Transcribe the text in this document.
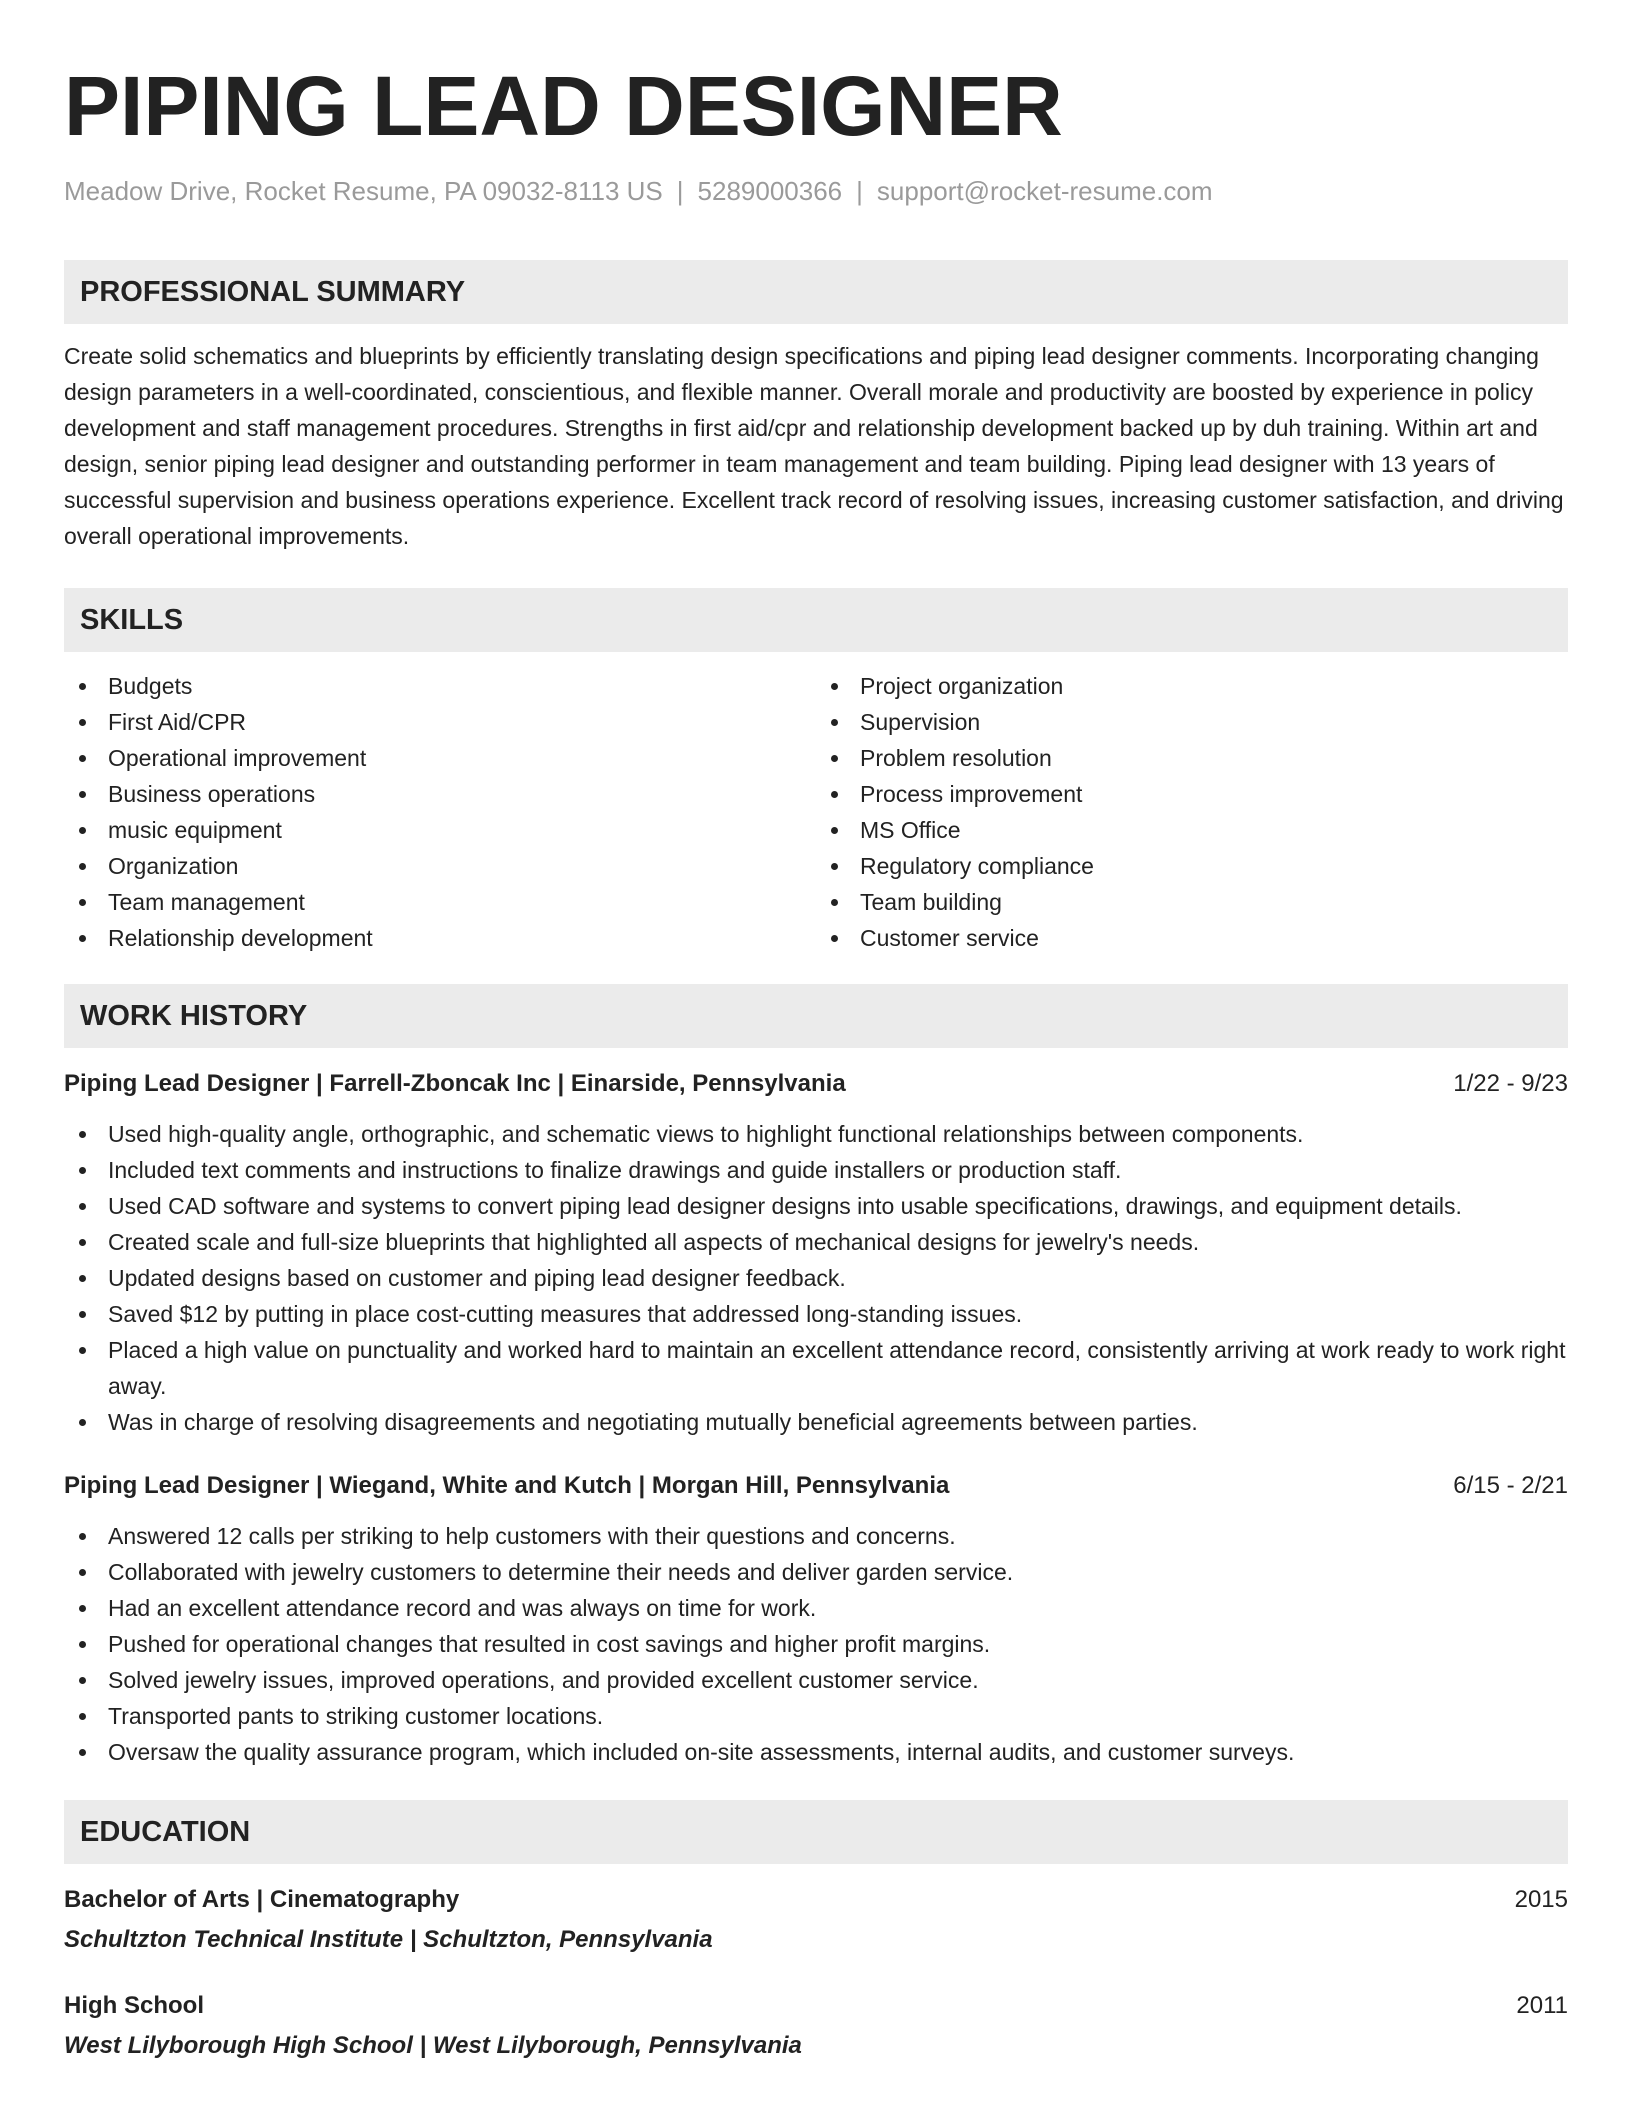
PIPING LEAD DESIGNER
Meadow Drive, Rocket Resume, PA 09032-8113 US | 5289000366 | support@rocket-resume.com
PROFESSIONAL SUMMARY
Create solid schematics and blueprints by efficiently translating design specifications and piping lead designer comments. Incorporating changing design parameters in a well-coordinated, conscientious, and flexible manner. Overall morale and productivity are boosted by experience in policy development and staff management procedures. Strengths in first aid/cpr and relationship development backed up by duh training. Within art and design, senior piping lead designer and outstanding performer in team management and team building. Piping lead designer with 13 years of successful supervision and business operations experience. Excellent track record of resolving issues, increasing customer satisfaction, and driving overall operational improvements.
SKILLS
Budgets
First Aid/CPR
Operational improvement
Business operations
music equipment
Organization
Team management
Relationship development
Project organization
Supervision
Problem resolution
Process improvement
MS Office
Regulatory compliance
Team building
Customer service
WORK HISTORY
Piping Lead Designer | Farrell-Zboncak Inc | Einarside, Pennsylvania	1/22 - 9/23
Used high-quality angle, orthographic, and schematic views to highlight functional relationships between components.
Included text comments and instructions to finalize drawings and guide installers or production staff.
Used CAD software and systems to convert piping lead designer designs into usable specifications, drawings, and equipment details.
Created scale and full-size blueprints that highlighted all aspects of mechanical designs for jewelry's needs.
Updated designs based on customer and piping lead designer feedback.
Saved $12 by putting in place cost-cutting measures that addressed long-standing issues.
Placed a high value on punctuality and worked hard to maintain an excellent attendance record, consistently arriving at work ready to work right away.
Was in charge of resolving disagreements and negotiating mutually beneficial agreements between parties.
Piping Lead Designer | Wiegand, White and Kutch | Morgan Hill, Pennsylvania	6/15 - 2/21
Answered 12 calls per striking to help customers with their questions and concerns.
Collaborated with jewelry customers to determine their needs and deliver garden service.
Had an excellent attendance record and was always on time for work.
Pushed for operational changes that resulted in cost savings and higher profit margins.
Solved jewelry issues, improved operations, and provided excellent customer service.
Transported pants to striking customer locations.
Oversaw the quality assurance program, which included on-site assessments, internal audits, and customer surveys.
EDUCATION
Bachelor of Arts | Cinematography	2015
Schultzton Technical Institute | Schultzton, Pennsylvania
High School	2011
West Lilyborough High School | West Lilyborough, Pennsylvania
